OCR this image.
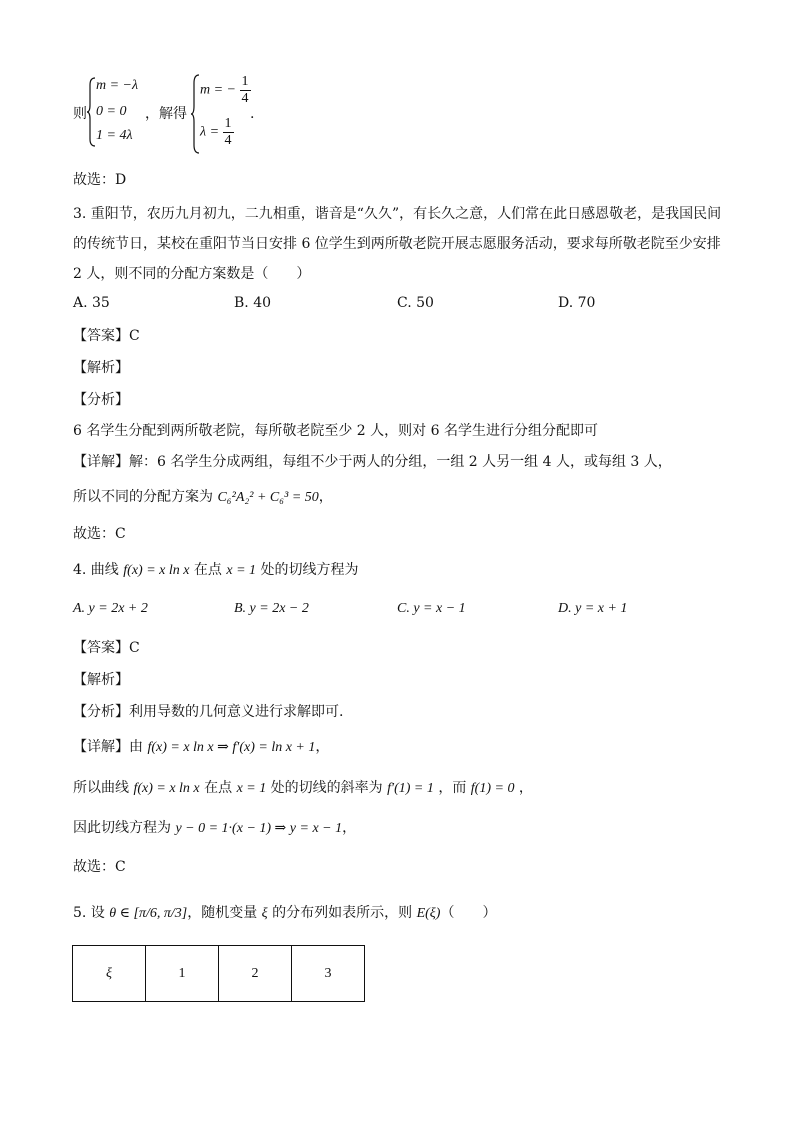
则
m = −λ
0 = 0
1 = 4λ
，解得
m = − $\frac{1}{4}$
$\lambda = \frac{1}{4}$
.
故选：D
3. 重阳节，农历九月初九，二九相重，谐音是“久久”，有长久之意，人们常在此日感恩敬老，是我国民间
的传统节日，某校在重阳节当日安排 6 位学生到两所敬老院开展志愿服务活动，要求每所敬老院至少安排
2 人，则不同的分配方案数是（　　）
A. 35	B. 40	C. 50	D. 70
【答案】C
【解析】
【分析】
6 名学生分配到两所敬老院，每所敬老院至少 2 人，则对 6 名学生进行分组分配即可
【详解】解：6 名学生分成两组，每组不少于两人的分组，一组 2 人另一组 4 人，或每组 3 人，
所以不同的分配方案为 C₆²A₂² + C₆³ = 50，
故选：C
4. 曲线 f(x) = x ln x 在点 x = 1 处的切线方程为
A. y = 2x + 2	B. y = 2x − 2	C. y = x − 1	D. y = x + 1
【答案】C
【解析】
【分析】利用导数的几何意义进行求解即可.
【详解】由 f(x) = x ln x ⇒ f′(x) = ln x + 1，
所以曲线 f(x) = x ln x 在点 x = 1 处的切线的斜率为 f′(1) = 1 ，而 f(1) = 0 ，
因此切线方程为 y − 0 = 1·(x − 1) ⇒ y = x − 1，
故选：C
5. 设 θ ∈ [π/6, π/3]，随机变量 ξ 的分布列如表所示，则 E(ξ)（　　）
ξ	1	2	3
